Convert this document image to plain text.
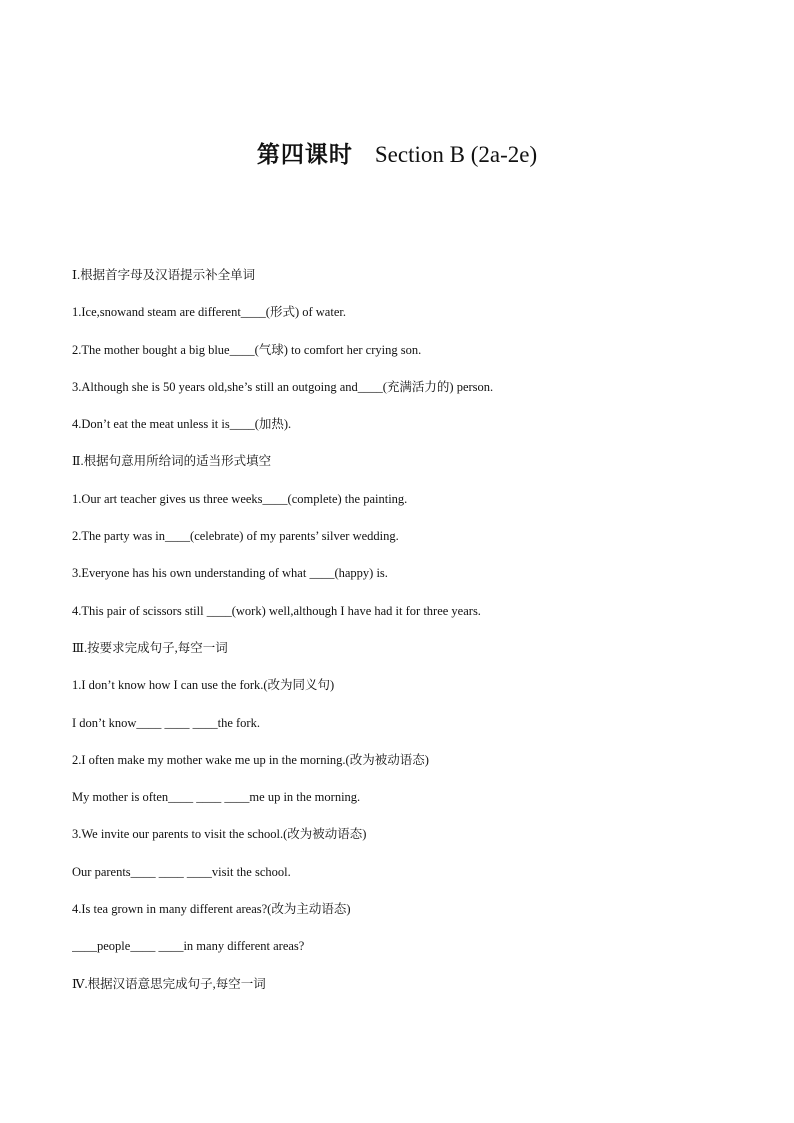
第四课时 Section B (2a-2e)
Ⅰ.根据首字母及汉语提示补全单词
1.Ice,snowand steam are different____(形式) of water.
2.The mother bought a big blue____(气球) to comfort her crying son.
3.Although she is 50 years old,she’s still an outgoing and____(充满活力的) person.
4.Don’t eat the meat unless it is____(加热).
Ⅱ.根据句意用所给词的适当形式填空
1.Our art teacher gives us three weeks____(complete) the painting.
2.The party was in____(celebrate) of my parents’ silver wedding.
3.Everyone has his own understanding of what ____(happy) is.
4.This pair of scissors still ____(work) well,although I have had it for three years.
Ⅲ.按要求完成句子,每空一词
1.I don’t know how I can use the fork.(改为同义句)
I don’t know____ ____ ____the fork.
2.I often make my mother wake me up in the morning.(改为被动语态)
My mother is often____ ____ ____me up in the morning.
3.We invite our parents to visit the school.(改为被动语态)
Our parents____ ____ ____visit the school.
4.Is tea grown in many different areas?(改为主动语态)
____people____ ____in many different areas?
Ⅳ.根据汉语意思完成句子,每空一词
